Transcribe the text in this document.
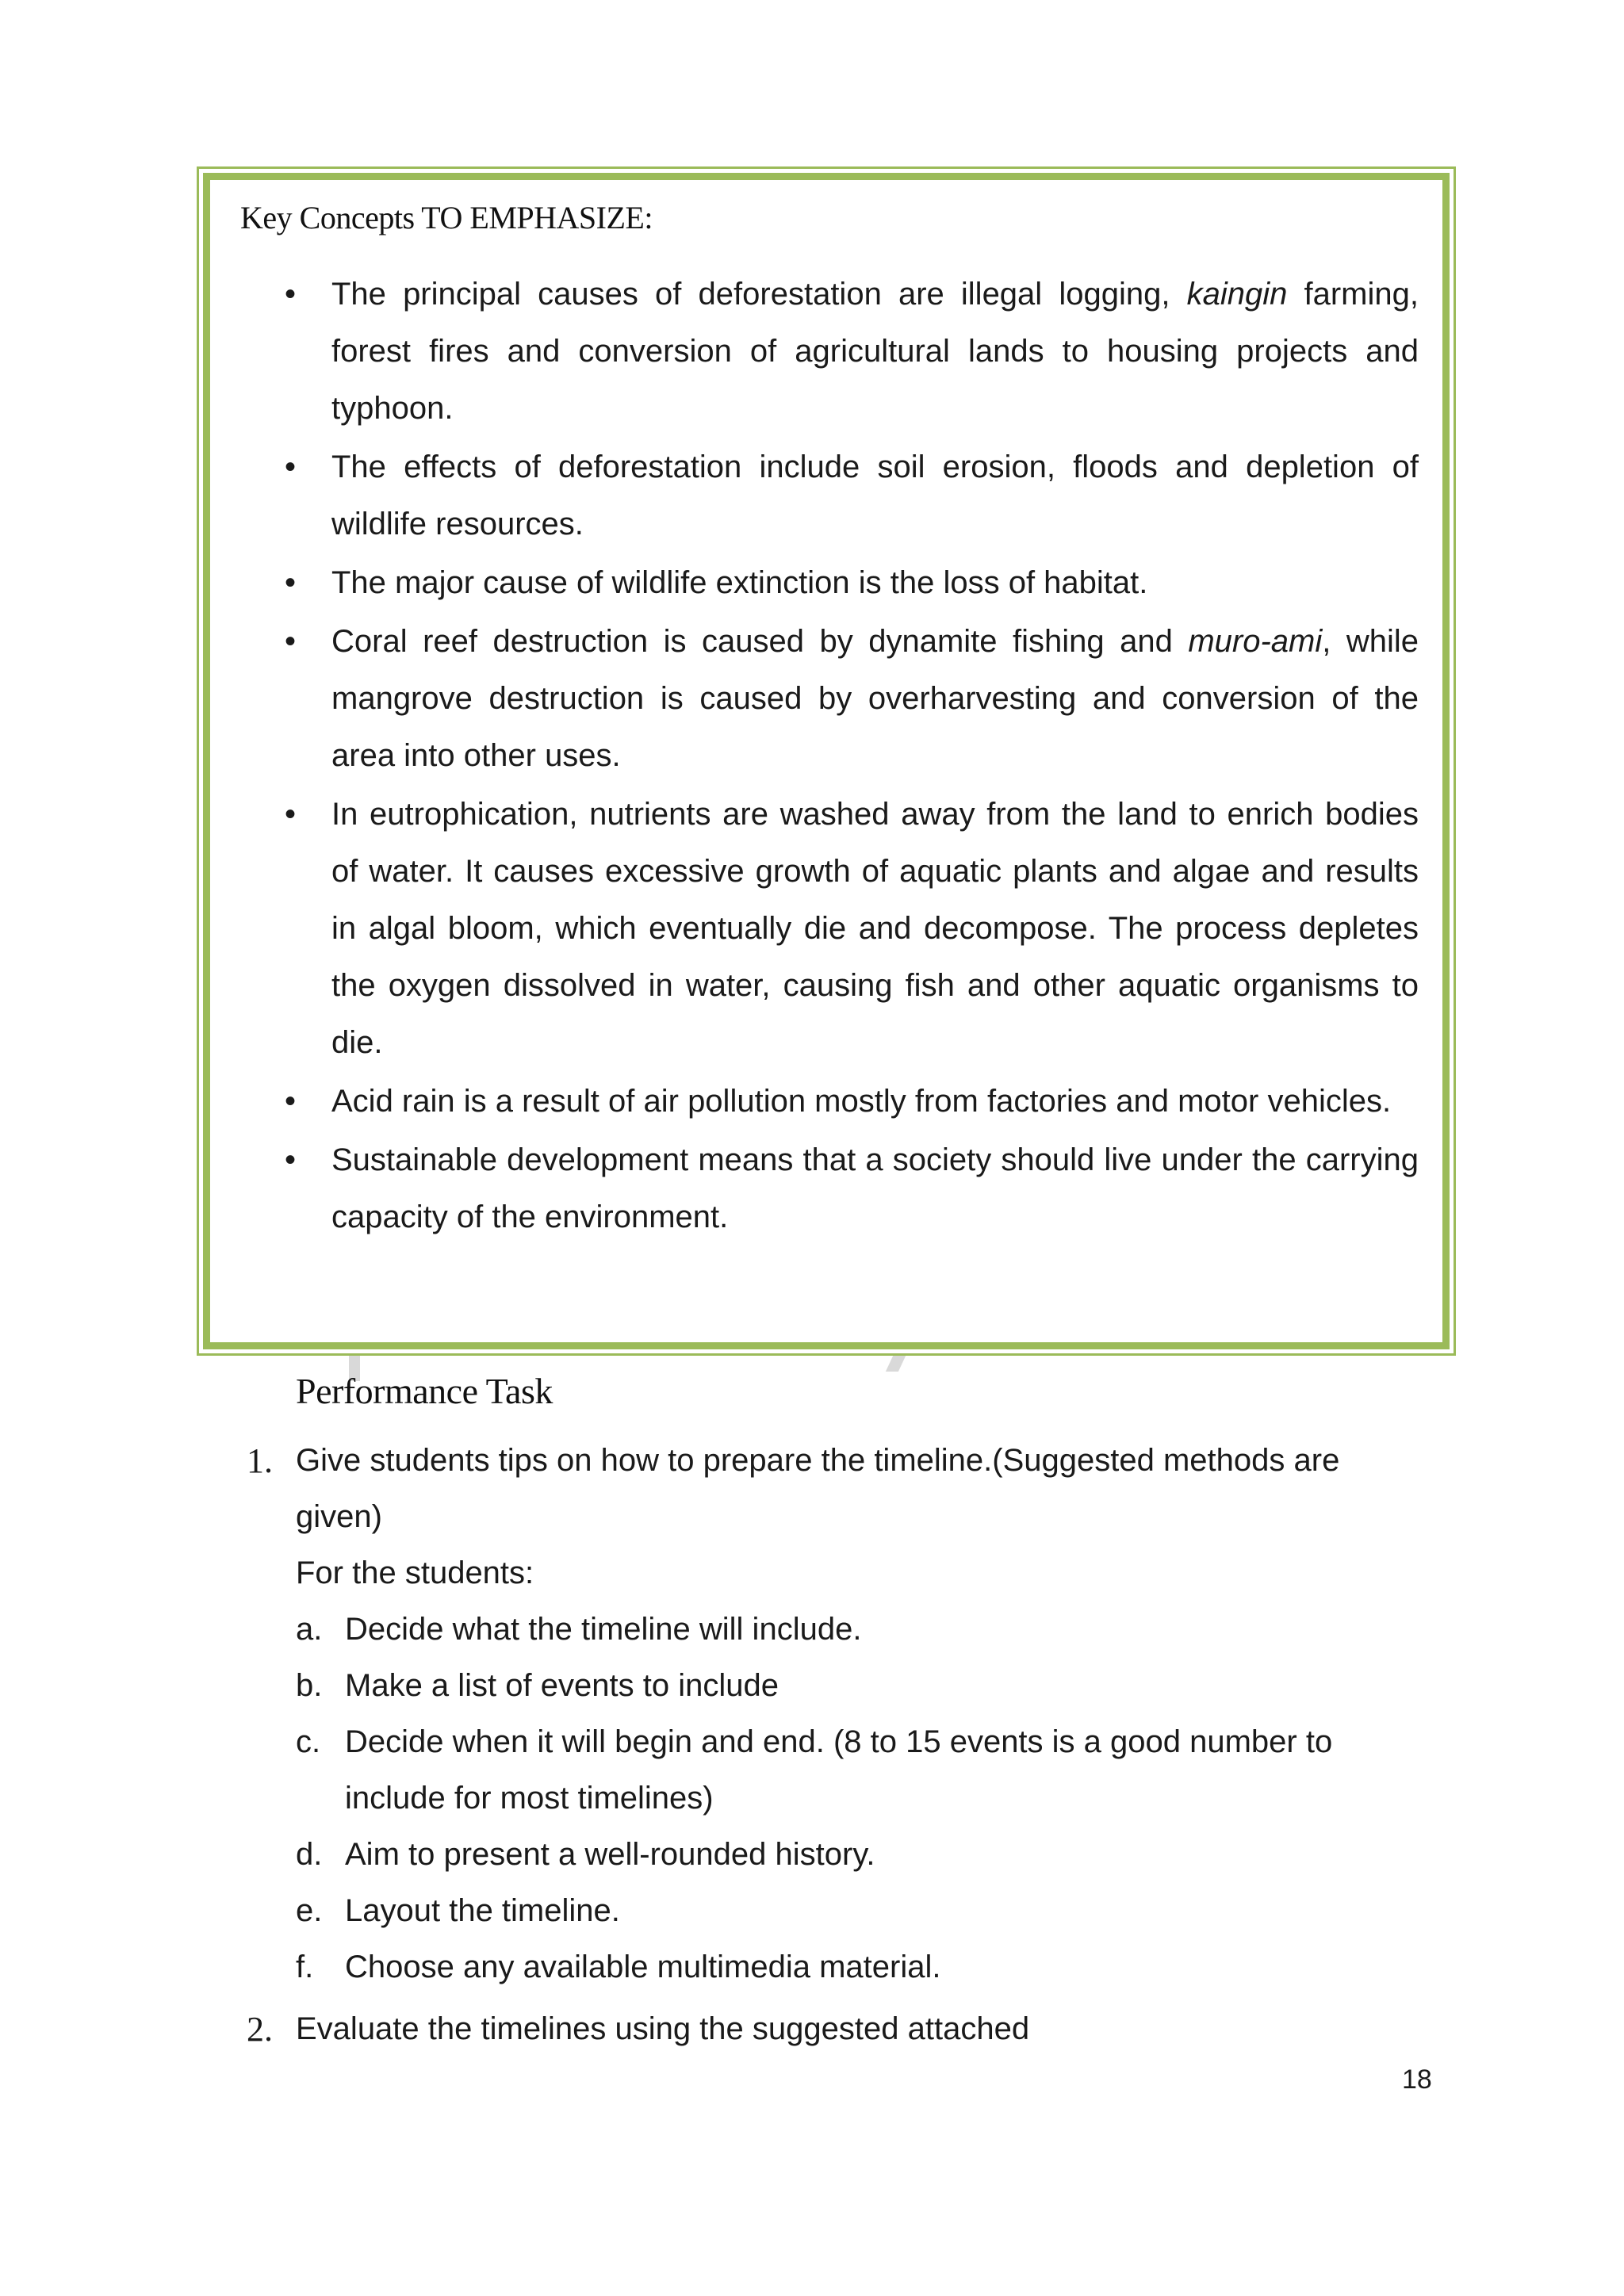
Key Concepts TO EMPHASIZE:
• The principal causes of deforestation are illegal logging, kaingin farming, forest fires and conversion of agricultural lands to housing projects and typhoon.
• The effects of deforestation include soil erosion, floods and depletion of wildlife resources.
• The major cause of wildlife extinction is the loss of habitat.
• Coral reef destruction is caused by dynamite fishing and muro-ami, while mangrove destruction is caused by overharvesting and conversion of the area into other uses.
• In eutrophication, nutrients are washed away from the land to enrich bodies of water. It causes excessive growth of aquatic plants and algae and results in algal bloom, which eventually die and decompose. The process depletes the oxygen dissolved in water, causing fish and other aquatic organisms to die.
• Acid rain is a result of air pollution mostly from factories and motor vehicles.
• Sustainable development means that a society should live under the carrying capacity of the environment.
Performance Task
1. Give students tips on how to prepare the timeline.(Suggested methods are given)
For the students:
a. Decide what the timeline will include.
b. Make a list of events to include
c. Decide when it will begin and end. (8 to 15 events is a good number to include for most timelines)
d. Aim to present a well-rounded history.
e. Layout the timeline.
f. Choose any available multimedia material.
2. Evaluate the timelines using the suggested attached
18
